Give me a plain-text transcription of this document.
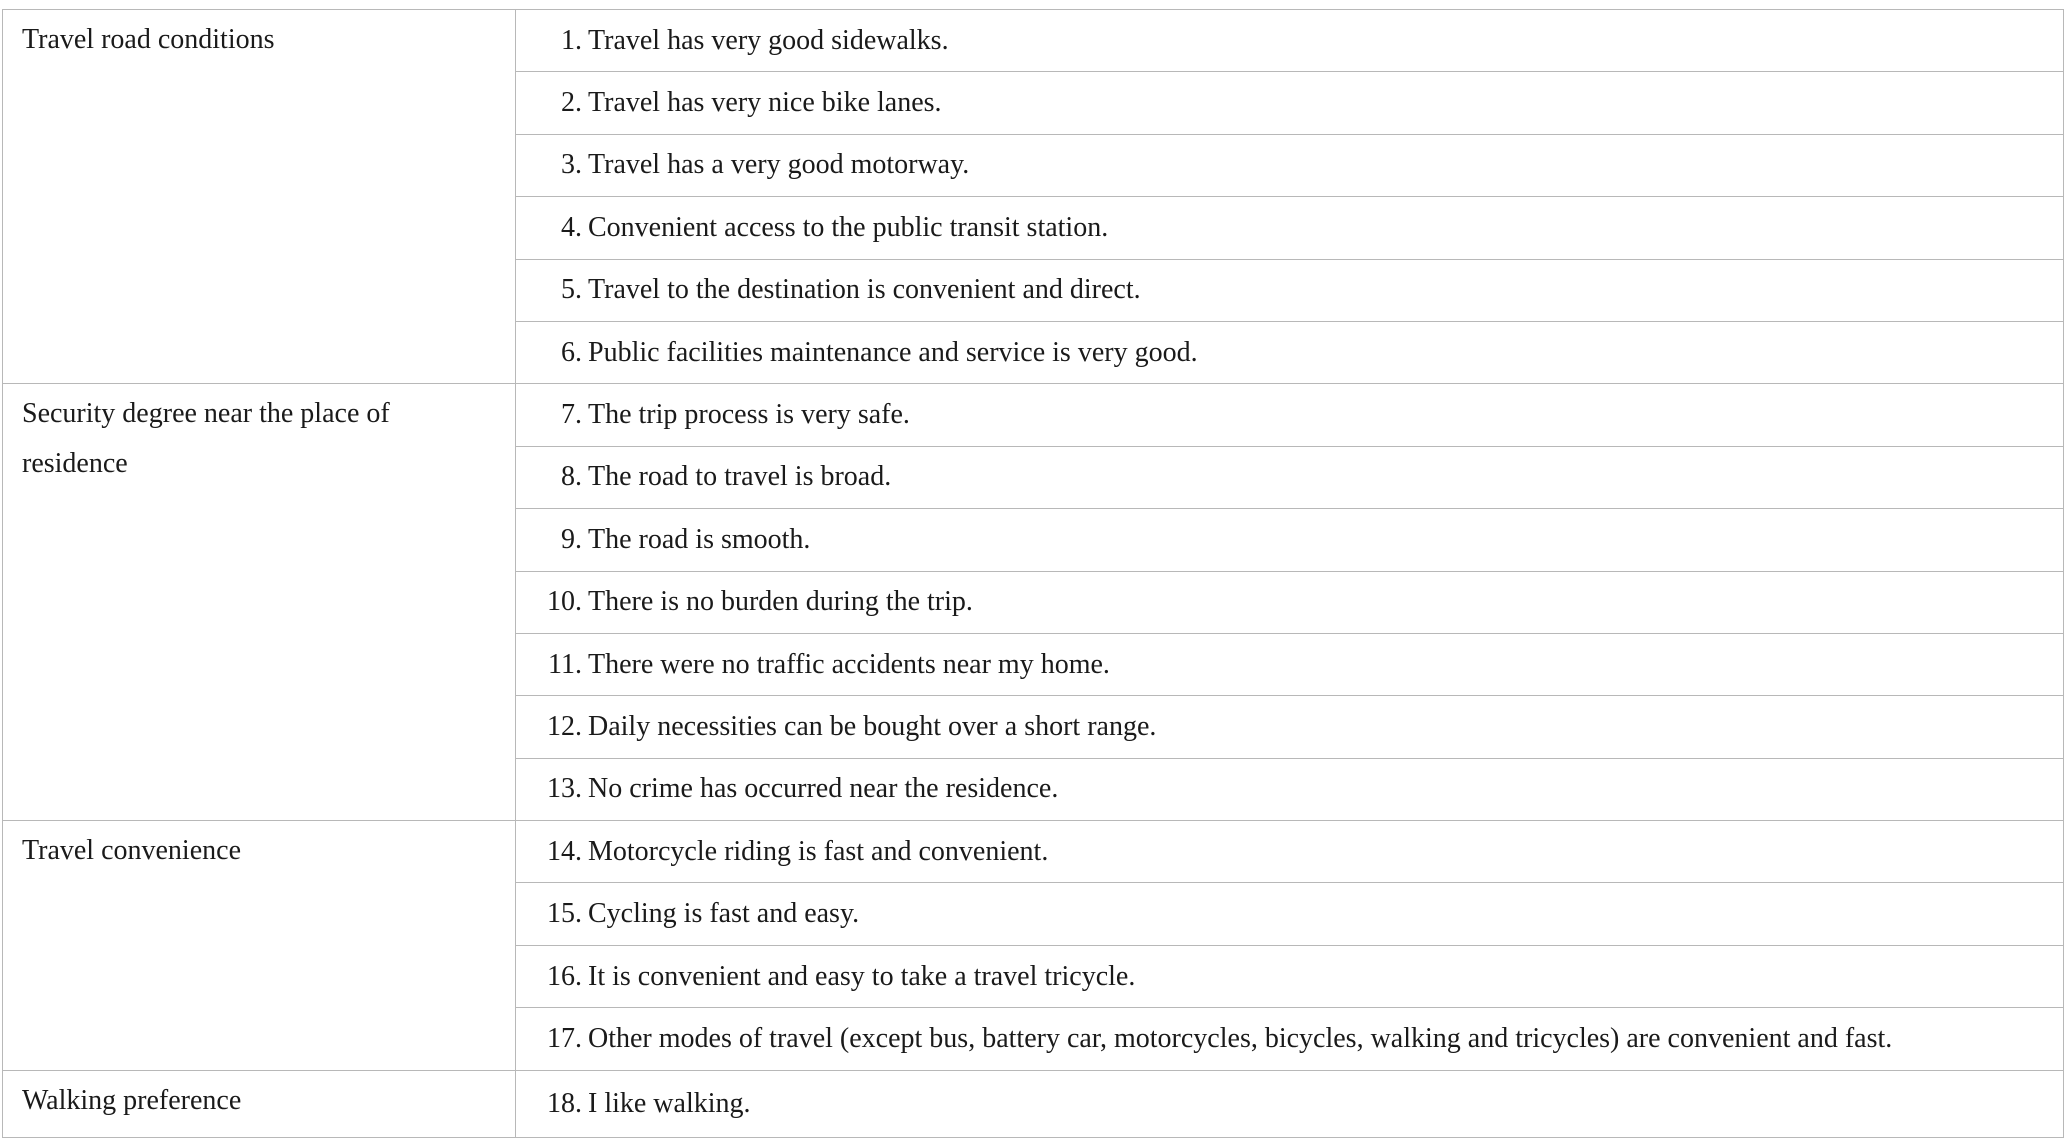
Travel road conditions	1. Travel has very good sidewalks.
	2. Travel has very nice bike lanes.
	3. Travel has a very good motorway.
	4. Convenient access to the public transit station.
	5. Travel to the destination is convenient and direct.
	6. Public facilities maintenance and service is very good.
Security degree near the place of residence	7. The trip process is very safe.
	8. The road to travel is broad.
	9. The road is smooth.
	10. There is no burden during the trip.
	11. There were no traffic accidents near my home.
	12. Daily necessities can be bought over a short range.
	13. No crime has occurred near the residence.
Travel convenience	14. Motorcycle riding is fast and convenient.
	15. Cycling is fast and easy.
	16. It is convenient and easy to take a travel tricycle.
	17. Other modes of travel (except bus, battery car, motorcycles, bicycles, walking and tricycles) are convenient and fast.
Walking preference	18. I like walking.
